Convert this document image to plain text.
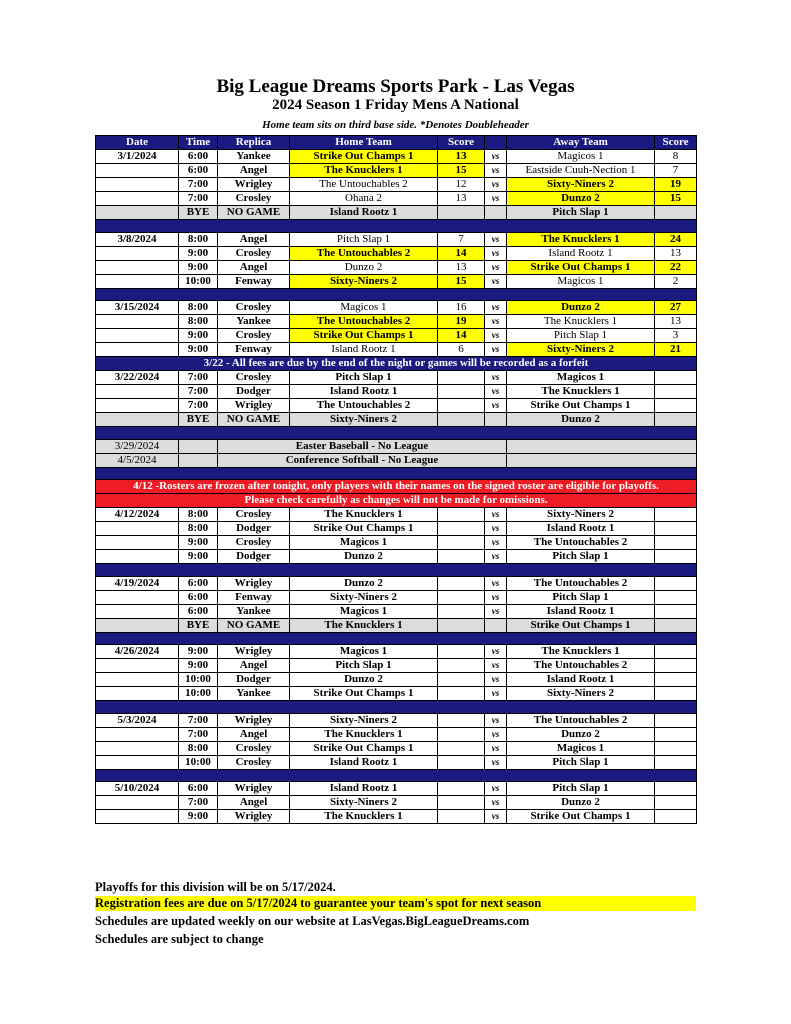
Big League Dreams Sports Park - Las Vegas
2024 Season 1 Friday Mens A National
Home team sits on third base side. *Denotes Doubleheader
Date	Time	Replica	Home Team	Score		Away Team	Score
3/1/2024	6:00	Yankee	Strike Out Champs 1	13	vs	Magicos 1	8
	6:00	Angel	The Knucklers 1	15	vs	Eastside Cuuh-Nection 1	7
	7:00	Wrigley	The Untouchables 2	12	vs	Sixty-Niners 2	19
	7:00	Crosley	Ohana 2	13	vs	Dunzo 2	15
	BYE	NO GAME	Island Rootz 1			Pitch Slap 1	

3/8/2024	8:00	Angel	Pitch Slap 1	7	vs	The Knucklers 1	24
	9:00	Crosley	The Untouchables 2	14	vs	Island Rootz 1	13
	9:00	Angel	Dunzo 2	13	vs	Strike Out Champs 1	22
	10:00	Fenway	Sixty-Niners 2	15	vs	Magicos 1	2

3/15/2024	8:00	Crosley	Magicos 1	16	vs	Dunzo 2	27
	8:00	Yankee	The Untouchables 2	19	vs	The Knucklers 1	13
	9:00	Crosley	Strike Out Champs 1	14	vs	Pitch Slap 1	3
	9:00	Fenway	Island Rootz 1	6	vs	Sixty-Niners 2	21
3/22 - All fees are due by the end of the night or games will be recorded as a forfeit							
3/22/2024	7:00	Crosley	Pitch Slap 1		vs	Magicos 1	
	7:00	Dodger	Island Rootz 1		vs	The Knucklers 1	
	7:00	Wrigley	The Untouchables 2		vs	Strike Out Champs 1	
	BYE	NO GAME	Sixty-Niners 2			Dunzo 2	

3/29/2024		Easter Baseball - No League					
4/5/2024		Conference Softball - No League					

4/12 -Rosters are frozen after tonight, only players with their names on the signed roster are eligible for playoffs.							
Please check carefully as changes will not be made for omissions.							
4/12/2024	8:00	Crosley	The Knucklers 1		vs	Sixty-Niners 2	
	8:00	Dodger	Strike Out Champs 1		vs	Island Rootz 1	
	9:00	Crosley	Magicos 1		vs	The Untouchables 2	
	9:00	Dodger	Dunzo 2		vs	Pitch Slap 1	

4/19/2024	6:00	Wrigley	Dunzo 2		vs	The Untouchables 2	
	6:00	Fenway	Sixty-Niners 2		vs	Pitch Slap 1	
	6:00	Yankee	Magicos 1		vs	Island Rootz 1	
	BYE	NO GAME	The Knucklers 1			Strike Out Champs 1	

4/26/2024	9:00	Wrigley	Magicos 1		vs	The Knucklers 1	
	9:00	Angel	Pitch Slap 1		vs	The Untouchables 2	
	10:00	Dodger	Dunzo 2		vs	Island Rootz 1	
	10:00	Yankee	Strike Out Champs 1		vs	Sixty-Niners 2	

5/3/2024	7:00	Wrigley	Sixty-Niners 2		vs	The Untouchables 2	
	7:00	Angel	The Knucklers 1		vs	Dunzo 2	
	8:00	Crosley	Strike Out Champs 1		vs	Magicos 1	
	10:00	Crosley	Island Rootz 1		vs	Pitch Slap 1	

5/10/2024	6:00	Wrigley	Island Rootz 1		vs	Pitch Slap 1	
	7:00	Angel	Sixty-Niners 2		vs	Dunzo 2	
	9:00	Wrigley	The Knucklers 1		vs	Strike Out Champs 1	
Playoffs for this division will be on 5/17/2024.
Registration fees are due on 5/17/2024 to guarantee your team's spot for next season
Schedules are updated weekly on our website at LasVegas.BigLeagueDreams.com
Schedules are subject to change
